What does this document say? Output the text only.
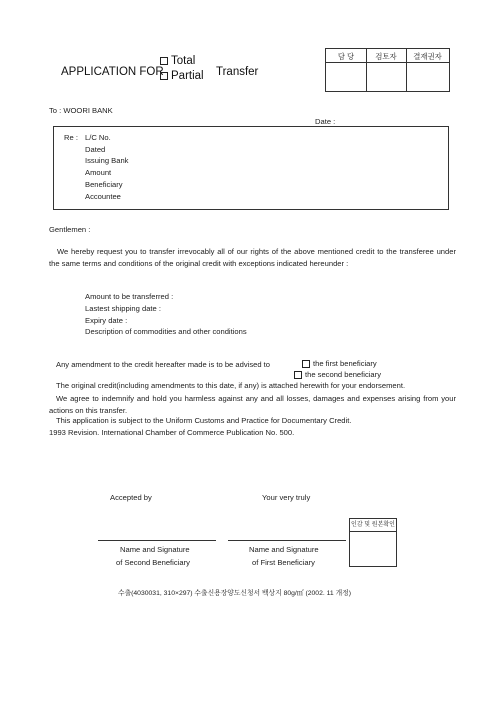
APPLICATION FOR
Total
Partial Transfer
담 당	검토자	결재권자
To : WOORI BANK
Date :
Re : L/C No.
Dated
Issuing Bank
Amount
Beneficiary
Accountee
Gentlemen :

We hereby request you to transfer irrevocably all of our rights of the above mentioned credit to the transferee under the same terms and conditions of the original credit with exceptions indicated hereunder :

Amount to be transferred :
Lastest shipping date :
Expiry date :
Description of commodities and other conditions
Any amendment to the credit hereafter made is to be advised to	the first beneficiary
the second beneficiary
The original credit(including amendments to this date, if any) is attached herewith for your endorsement.

We agree to indemnify and hold you harmless against any and all losses, damages and expenses arising from your actions on this transfer.

This application is subject to the Uniform Customs and Practice for Documentary Credit.
1993 Revision. International Chamber of Commerce Publication No. 500.
Accepted by	Your very truly
인감 및 원본확인
Name and Signature
of Second Beneficiary
Name and Signature
of First Beneficiary
수출(4030031, 310×297) 수출신용장양도신청서 백상지 80g/㎡ (2002. 11 개정)
